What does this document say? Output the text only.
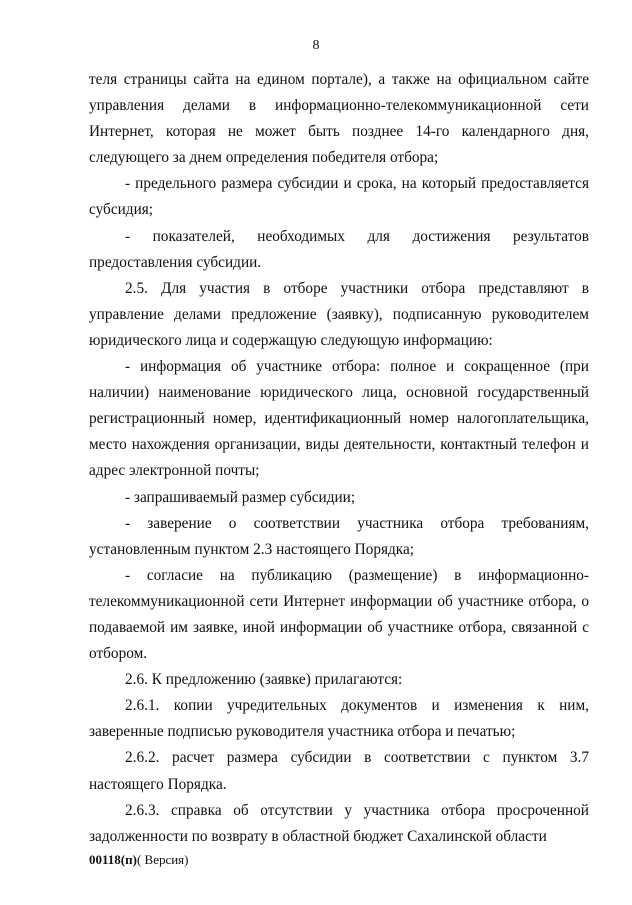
8

теля страницы сайта на едином портале), а также на официальном сайте управления делами в информационно-телекоммуникационной сети Интернет, которая не может быть позднее 14-го календарного дня, следующего за днем определения победителя отбора;

- предельного размера субсидии и срока, на который предоставляется субсидия;

- показателей, необходимых для достижения результатов предоставления субсидии.

2.5. Для участия в отборе участники отбора представляют в управление делами предложение (заявку), подписанную руководителем юридического лица и содержащую следующую информацию:

- информация об участнике отбора: полное и сокращенное (при наличии) наименование юридического лица, основной государственный регистрационный номер, идентификационный номер налогоплательщика, место нахождения организации, виды деятельности, контактный телефон и адрес электронной почты;

- запрашиваемый размер субсидии;

- заверение о соответствии участника отбора требованиям, установленным пунктом 2.3 настоящего Порядка;

- согласие на публикацию (размещение) в информационно-телекоммуникационной сети Интернет информации об участнике отбора, о подаваемой им заявке, иной информации об участнике отбора, связанной с отбором.

2.6. К предложению (заявке) прилагаются:

2.6.1. копии учредительных документов и изменения к ним, заверенные подписью руководителя участника отбора и печатью;

2.6.2. расчет размера субсидии в соответствии с пунктом 3.7 настоящего Порядка.

2.6.3. справка об отсутствии у участника отбора просроченной задолженности по возврату в областной бюджет Сахалинской области

00118(п)( Версия)
